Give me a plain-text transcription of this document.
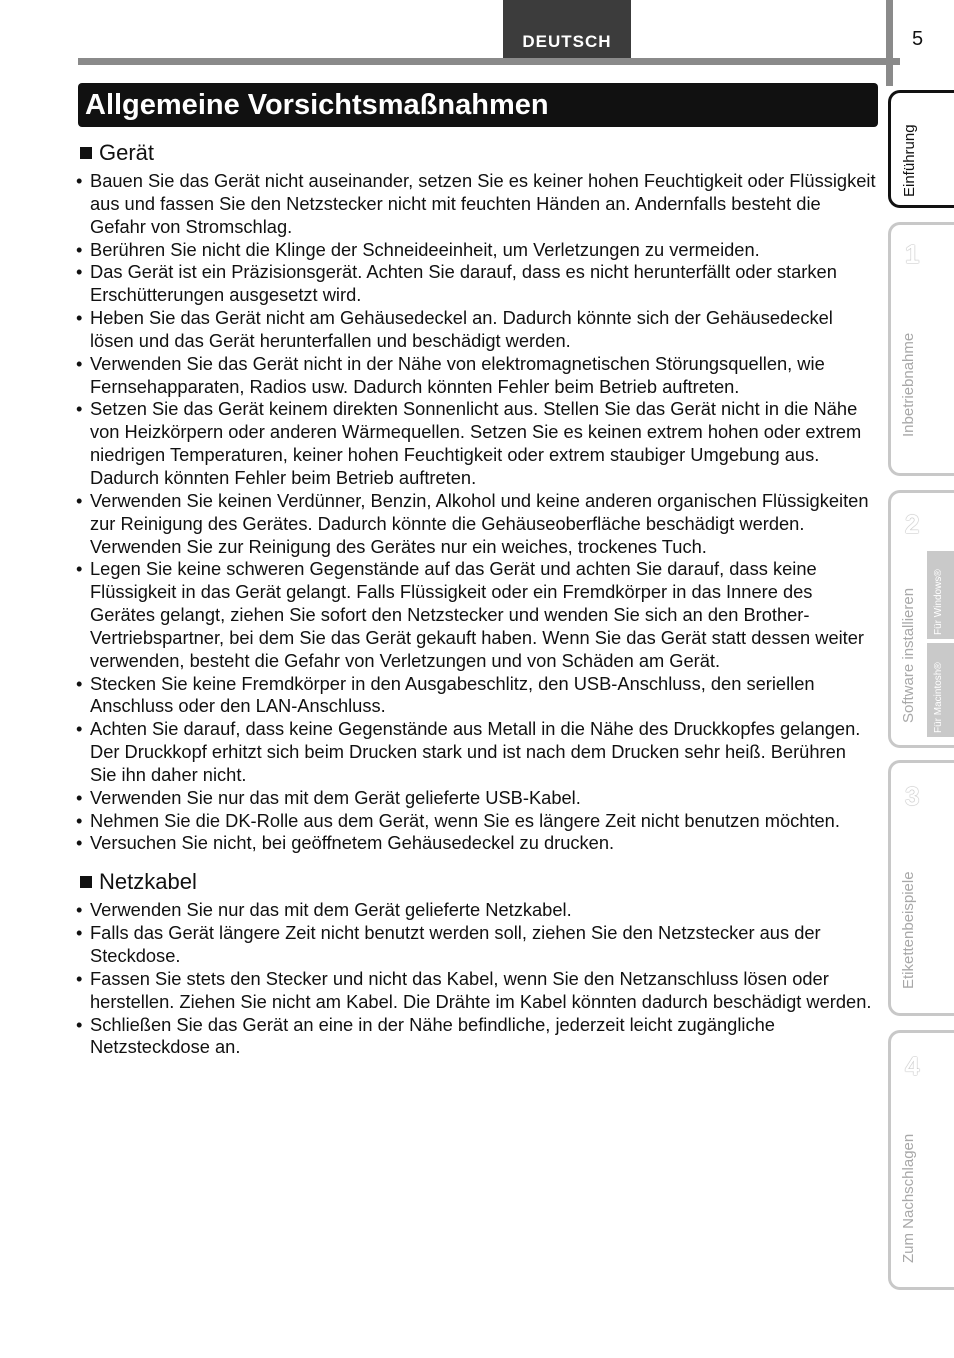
DEUTSCH	5
Allgemeine Vorsichtsmaßnahmen
Gerät
• Bauen Sie das Gerät nicht auseinander, setzen Sie es keiner hohen Feuchtigkeit oder Flüssigkeit aus und fassen Sie den Netzstecker nicht mit feuchten Händen an. Andernfalls besteht die Gefahr von Stromschlag.
• Berühren Sie nicht die Klinge der Schneideeinheit, um Verletzungen zu vermeiden.
• Das Gerät ist ein Präzisionsgerät. Achten Sie darauf, dass es nicht herunterfällt oder starken Erschütterungen ausgesetzt wird.
• Heben Sie das Gerät nicht am Gehäusedeckel an. Dadurch könnte sich der Gehäusedeckel lösen und das Gerät herunterfallen und beschädigt werden.
• Verwenden Sie das Gerät nicht in der Nähe von elektromagnetischen Störungsquellen, wie Fernsehapparaten, Radios usw. Dadurch könnten Fehler beim Betrieb auftreten.
• Setzen Sie das Gerät keinem direkten Sonnenlicht aus. Stellen Sie das Gerät nicht in die Nähe von Heizkörpern oder anderen Wärmequellen. Setzen Sie es keinen extrem hohen oder extrem niedrigen Temperaturen, keiner hohen Feuchtigkeit oder extrem staubiger Umgebung aus. Dadurch könnten Fehler beim Betrieb auftreten.
• Verwenden Sie keinen Verdünner, Benzin, Alkohol und keine anderen organischen Flüssigkeiten zur Reinigung des Gerätes. Dadurch könnte die Gehäuseoberfläche beschädigt werden. Verwenden Sie zur Reinigung des Gerätes nur ein weiches, trockenes Tuch.
• Legen Sie keine schweren Gegenstände auf das Gerät und achten Sie darauf, dass keine Flüssigkeit in das Gerät gelangt. Falls Flüssigkeit oder ein Fremdkörper in das Innere des Gerätes gelangt, ziehen Sie sofort den Netzstecker und wenden Sie sich an den Brother-Vertriebspartner, bei dem Sie das Gerät gekauft haben. Wenn Sie das Gerät statt dessen weiter verwenden, besteht die Gefahr von Verletzungen und von Schäden am Gerät.
• Stecken Sie keine Fremdkörper in den Ausgabeschlitz, den USB-Anschluss, den seriellen Anschluss oder den LAN-Anschluss.
• Achten Sie darauf, dass keine Gegenstände aus Metall in die Nähe des Druckkopfes gelangen. Der Druckkopf erhitzt sich beim Drucken stark und ist nach dem Drucken sehr heiß. Berühren Sie ihn daher nicht.
• Verwenden Sie nur das mit dem Gerät gelieferte USB-Kabel.
• Nehmen Sie die DK-Rolle aus dem Gerät, wenn Sie es längere Zeit nicht benutzen möchten.
• Versuchen Sie nicht, bei geöffnetem Gehäusedeckel zu drucken.
Netzkabel
• Verwenden Sie nur das mit dem Gerät gelieferte Netzkabel.
• Falls das Gerät längere Zeit nicht benutzt werden soll, ziehen Sie den Netzstecker aus der Steckdose.
• Fassen Sie stets den Stecker und nicht das Kabel, wenn Sie den Netzanschluss lösen oder herstellen. Ziehen Sie nicht am Kabel. Die Drähte im Kabel könnten dadurch beschädigt werden.
• Schließen Sie das Gerät an eine in der Nähe befindliche, jederzeit leicht zugängliche Netzsteckdose an.
Einführung
1
Inbetriebnahme
2
Software installieren Für Windows®
Für Macintosh®
3
Etikettenbeispiele
4
Zum Nachschlagen
